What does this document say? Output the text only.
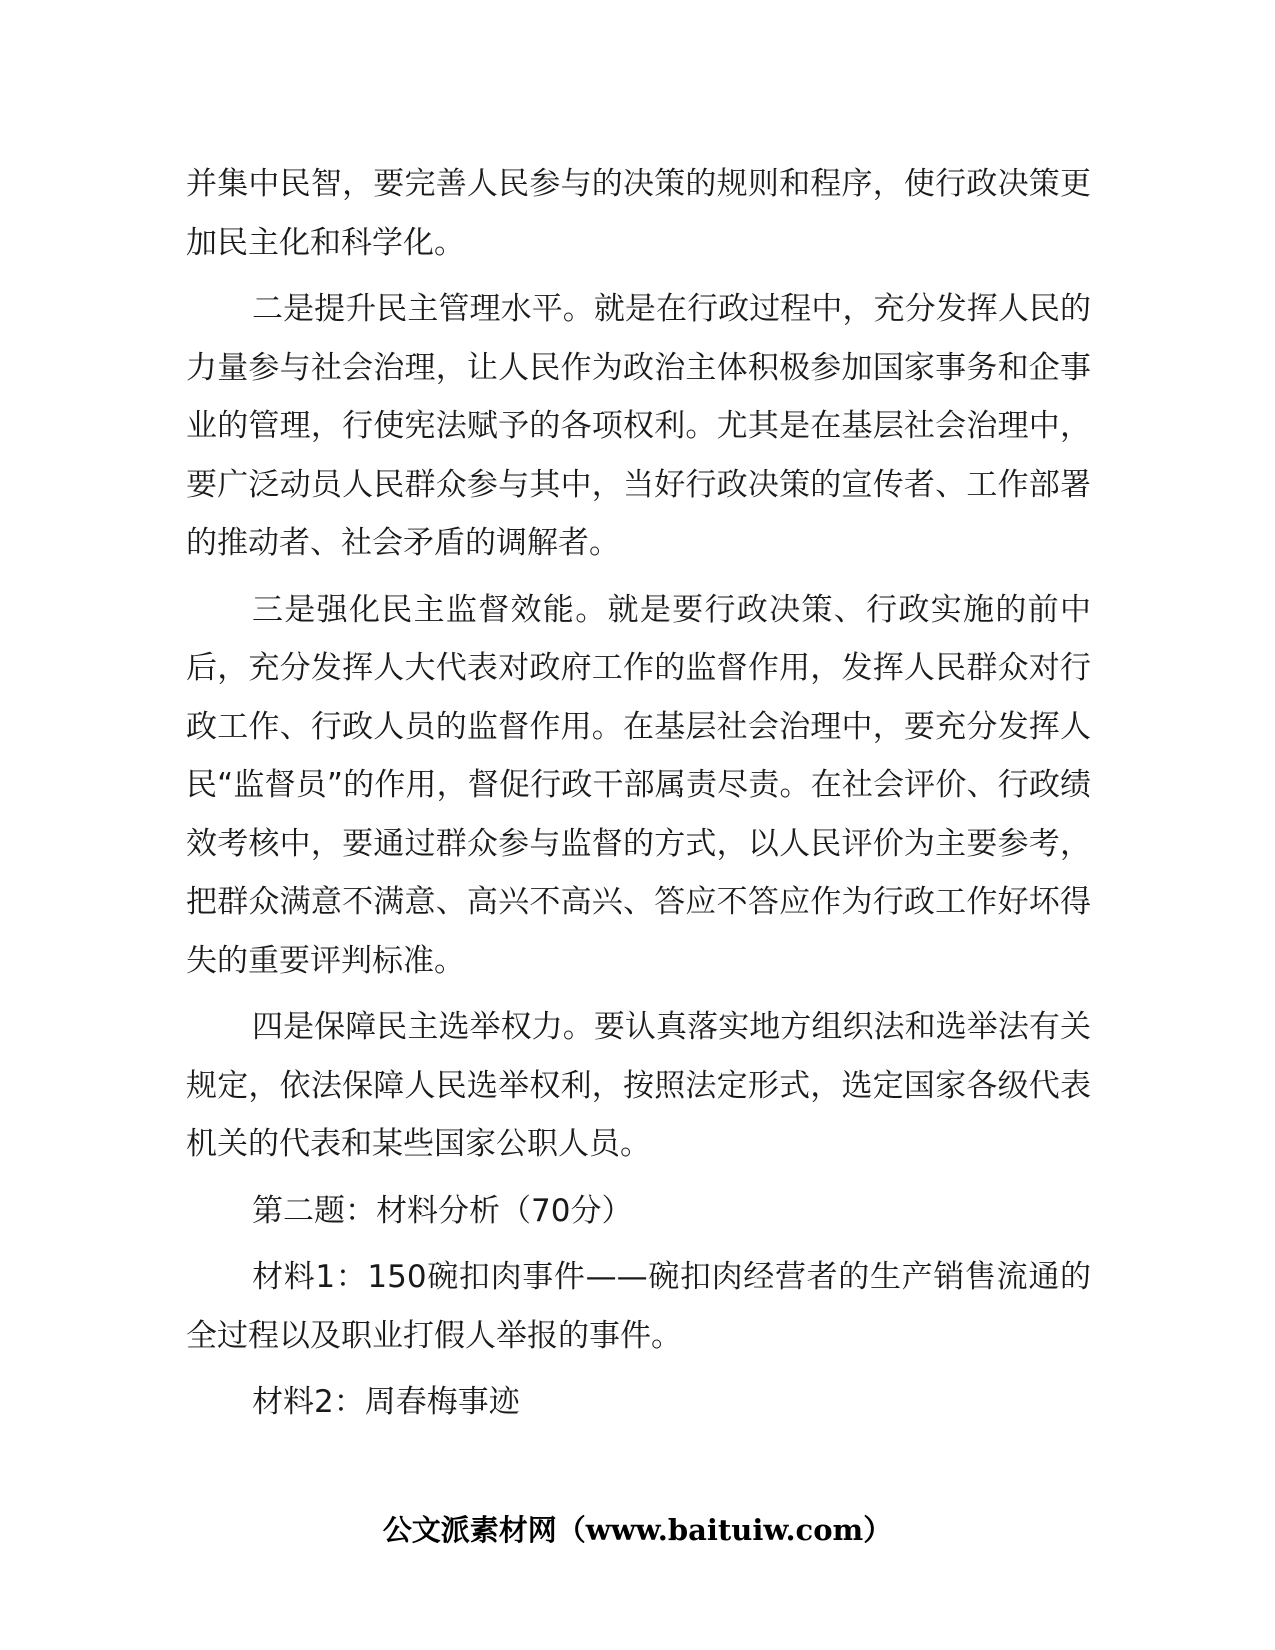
并集中民智，要完善人民参与的决策的规则和程序，使行政决策更加民主化和科学化。

二是提升民主管理水平。就是在行政过程中，充分发挥人民的力量参与社会治理，让人民作为政治主体积极参加国家事务和企事业的管理，行使宪法赋予的各项权利。尤其是在基层社会治理中，要广泛动员人民群众参与其中，当好行政决策的宣传者、工作部署的推动者、社会矛盾的调解者。

三是强化民主监督效能。就是要行政决策、行政实施的前中后，充分发挥人大代表对政府工作的监督作用，发挥人民群众对行政工作、行政人员的监督作用。在基层社会治理中，要充分发挥人民“监督员”的作用，督促行政干部属责尽责。在社会评价、行政绩效考核中，要通过群众参与监督的方式，以人民评价为主要参考，把群众满意不满意、高兴不高兴、答应不答应作为行政工作好坏得失的重要评判标准。

四是保障民主选举权力。要认真落实地方组织法和选举法有关规定，依法保障人民选举权利，按照法定形式，选定国家各级代表机关的代表和某些国家公职人员。

第二题：材料分析（70分）

材料1：150碗扣肉事件——碗扣肉经营者的生产销售流通的全过程以及职业打假人举报的事件。

材料2：周春梅事迹

公文派素材网（www.baituiw.com）
